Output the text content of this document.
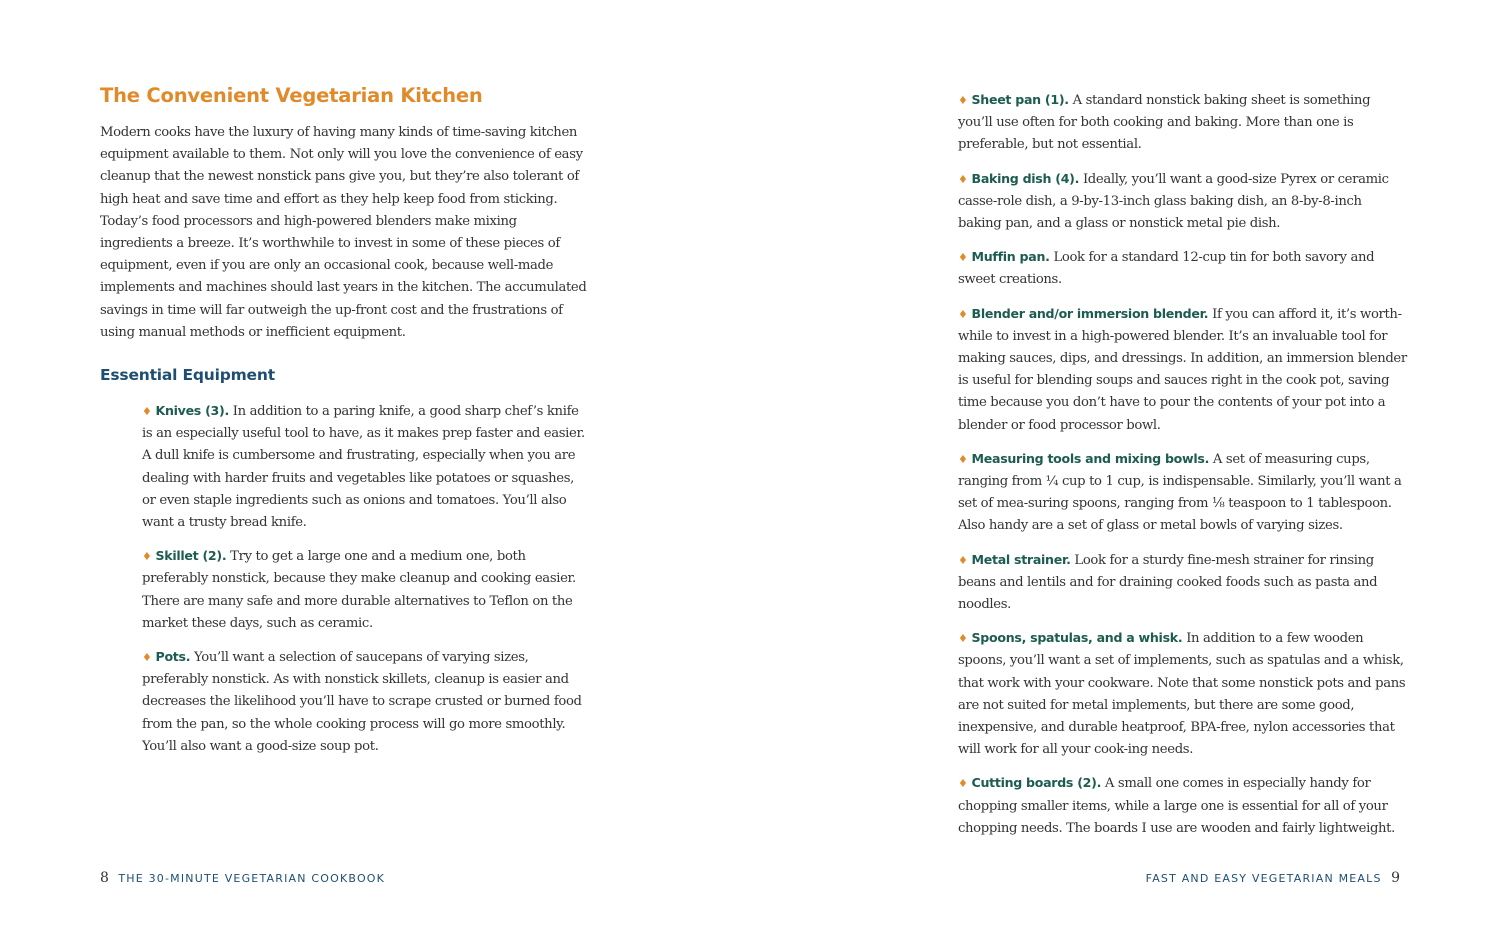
The Convenient Vegetarian Kitchen

Modern cooks have the luxury of having many kinds of time-saving kitchen equipment available to them. Not only will you love the convenience of easy cleanup that the newest nonstick pans give you, but they’re also tolerant of high heat and save time and effort as they help keep food from sticking. Today’s food processors and high-powered blenders make mixing ingredients a breeze. It’s worthwhile to invest in some of these pieces of equipment, even if you are only an occasional cook, because well-made implements and machines should last years in the kitchen. The accumulated savings in time will far outweigh the up-front cost and the frustrations of using manual methods or inefficient equipment.

Essential Equipment
♦ Knives (3). In addition to a paring knife, a good sharp chef’s knife is an especially useful tool to have, as it makes prep faster and easier. A dull knife is cumbersome and frustrating, especially when you are dealing with harder fruits and vegetables like potatoes or squashes, or even staple ingredients such as onions and tomatoes. You’ll also want a trusty bread knife.
♦ Skillet (2). Try to get a large one and a medium one, both preferably nonstick, because they make cleanup and cooking easier. There are many safe and more durable alternatives to Teflon on the market these days, such as ceramic.
♦ Pots. You’ll want a selection of saucepans of varying sizes, preferably nonstick. As with nonstick skillets, cleanup is easier and decreases the likelihood you’ll have to scrape crusted or burned food from the pan, so the whole cooking process will go more smoothly. You’ll also want a good-size soup pot.
8 THE 30-MINUTE VEGETARIAN COOKBOOK
♦ Sheet pan (1). A standard nonstick baking sheet is something you’ll use often for both cooking and baking. More than one is preferable, but not essential.
♦ Baking dish (4). Ideally, you’ll want a good-size Pyrex or ceramic casse-role dish, a 9-by-13-inch glass baking dish, an 8-by-8-inch baking pan, and a glass or nonstick metal pie dish.
♦ Muffin pan. Look for a standard 12-cup tin for both savory and sweet creations.
♦ Blender and/or immersion blender. If you can afford it, it’s worth-while to invest in a high-powered blender. It’s an invaluable tool for making sauces, dips, and dressings. In addition, an immersion blender is useful for blending soups and sauces right in the cook pot, saving time because you don’t have to pour the contents of your pot into a blender or food processor bowl.
♦ Measuring tools and mixing bowls. A set of measuring cups, ranging from ¼ cup to 1 cup, is indispensable. Similarly, you’ll want a set of mea-suring spoons, ranging from ⅛ teaspoon to 1 tablespoon. Also handy are a set of glass or metal bowls of varying sizes.
♦ Metal strainer. Look for a sturdy fine-mesh strainer for rinsing beans and lentils and for draining cooked foods such as pasta and noodles.
♦ Spoons, spatulas, and a whisk. In addition to a few wooden spoons, you’ll want a set of implements, such as spatulas and a whisk, that work with your cookware. Note that some nonstick pots and pans are not suited for metal implements, but there are some good, inexpensive, and durable heatproof, BPA-free, nylon accessories that will work for all your cook-ing needs.
♦ Cutting boards (2). A small one comes in especially handy for chopping smaller items, while a large one is essential for all of your chopping needs. The boards I use are wooden and fairly lightweight.
FAST AND EASY VEGETARIAN MEALS 9
